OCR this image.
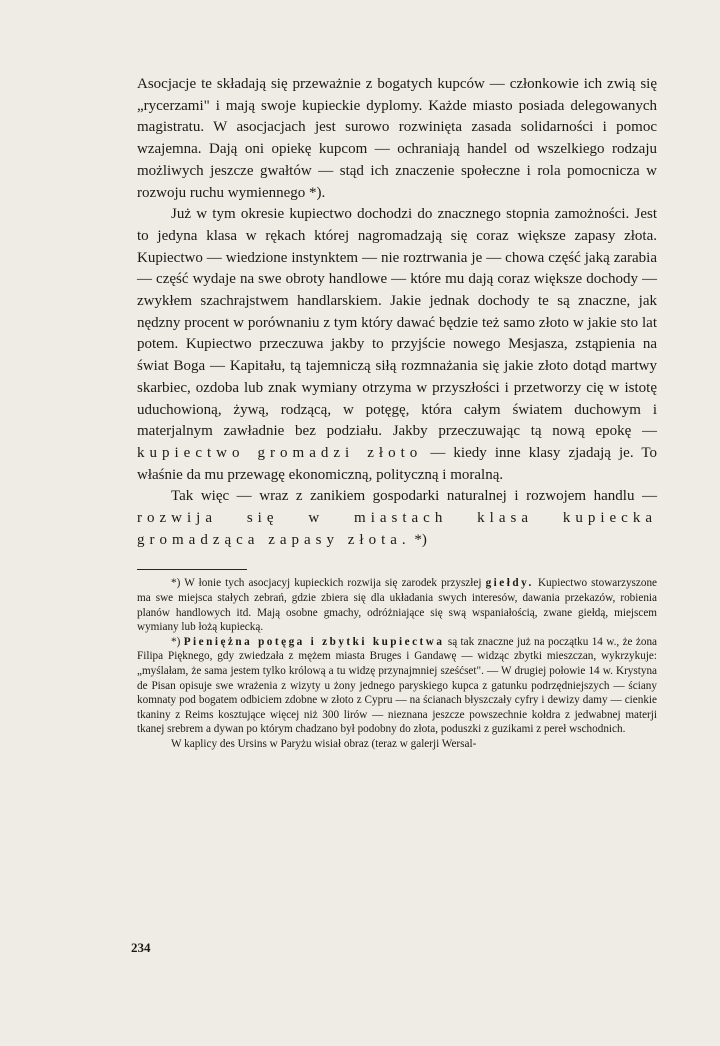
Asocjacje te składają się przeważnie z bogatych kupców — członkowie ich zwią się „rycerzami" i mają swoje kupieckie dyplomy. Każde miasto posiada delegowanych magistratu. W asocjacjach jest surowo rozwinięta zasada solidarności i pomoc wzajemna. Dają oni opiekę kupcom — ochraniają handel od wszelkiego rodzaju możliwych jeszcze gwałtów — stąd ich znaczenie społeczne i rola pomocnicza w rozwoju ruchu wymiennego *).

Już w tym okresie kupiectwo dochodzi do znacznego stopnia zamożności. Jest to jedyna klasa w rękach której nagromadzają się coraz większe zapasy złota. Kupiectwo — wiedzione instynktem — nie roztrwania je — chowa część jaką zarabia — część wydaje na swe obroty handlowe — które mu dają coraz większe dochody — zwykłem szachrajstwem handlarskiem. Jakie jednak dochody te są znaczne, jak nędzny procent w porównaniu z tym który dawać będzie też samo złoto w jakie sto lat potem. Kupiectwo przeczuwa jakby to przyjście nowego Mesjasza, zstąpienia na świat Boga — Kapitału, tą tajemniczą siłą rozmnażania się jakie złoto dotąd martwy skarbiec, ozdoba lub znak wymiany otrzyma w przyszłości i przetworzy cię w istotę uduchowioną, żywą, rodzącą, w potęgę, która całym światem duchowym i materjalnym zawładnie bez podziału. Jakby przeczuwając tą nową epokę — kupiectwo gromadzi złoto — kiedy inne klasy zjadają je. To właśnie da mu przewagę ekonomiczną, polityczną i moralną.

Tak więc — wraz z zanikiem gospodarki naturalnej i rozwojem handlu — rozwija się w miastach klasa kupiecka gromadząca zapasy złota. *)

*) W łonie tych asocjacyj kupieckich rozwija się zarodek przyszłej giełdy. Kupiectwo stowarzyszone ma swe miejsca stałych zebrań, gdzie zbiera się dla układania swych interesów, dawania przekazów, robienia planów handlowych itd. Mają osobne gmachy, odróżniające się swą wspaniałością, zwane giełdą, miejscem wymiany lub łożą kupiecką.

*) Pieniężna potęga i zbytki kupiectwa są tak znaczne już na początku 14 w., że żona Filipa Pięknego, gdy zwiedzała z mężem miasta Bruges i Gandawę — widząc zbytki mieszczan, wykrzykuje: „myślałam, że sama jestem tylko królową a tu widzę przynajmniej sześćset". — W drugiej połowie 14 w. Krystyna de Pisan opisuje swe wrażenia z wizyty u żony jednego paryskiego kupca z gatunku podrzędniejszych — ściany komnaty pod bogatem odbiciem zdobne w złoto z Cypru — na ścianach błyszczały cyfry i dewizy damy — cienkie tkaniny z Reims kosztujące więcej niż 300 lirów — nieznana jeszcze powszechnie kołdra z jedwabnej materji tkanej srebrem a dywan po którym chadzano był podobny do złota, poduszki z guzikami z pereł wschodnich.

W kaplicy des Ursins w Paryżu wisiał obraz (teraz w galerji Wersal-

234
